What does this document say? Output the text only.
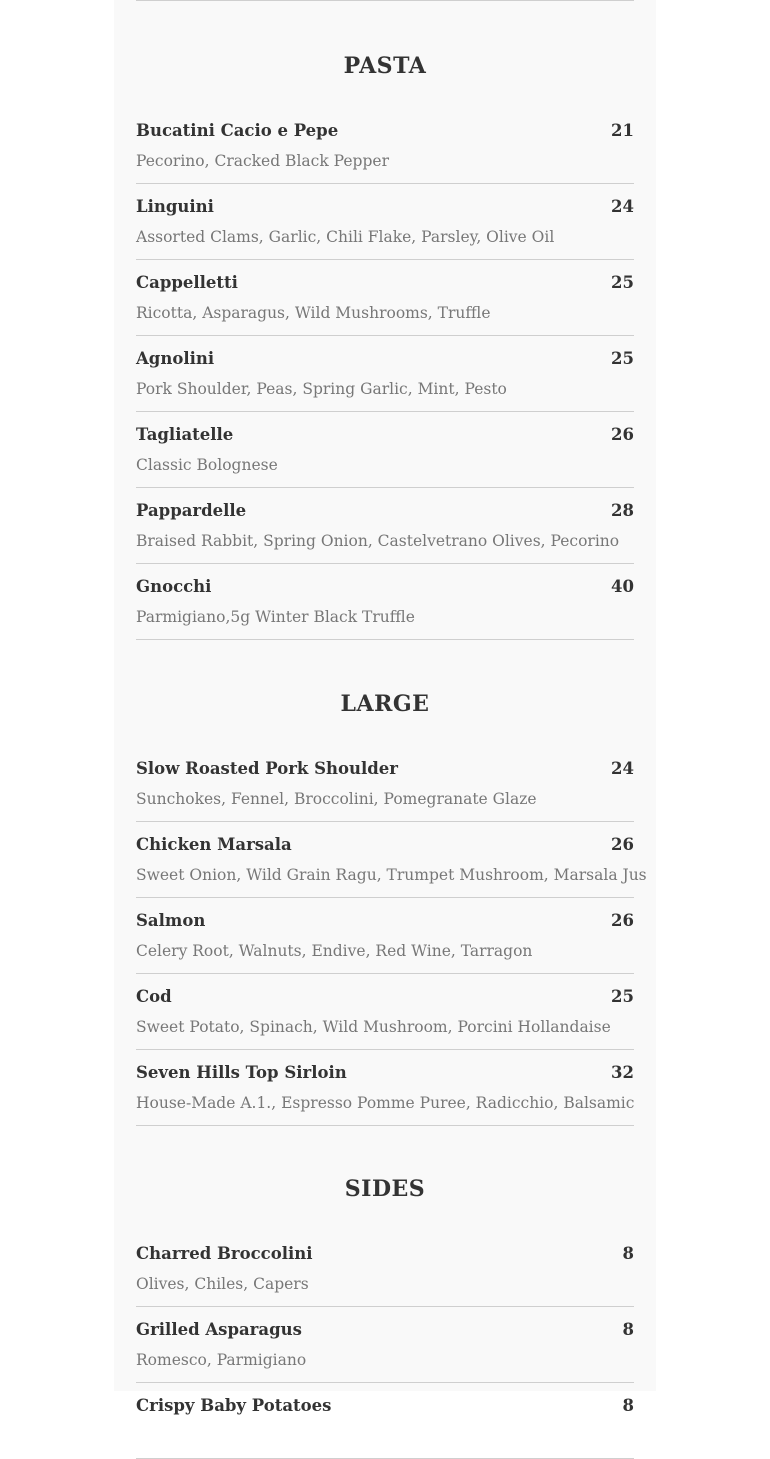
PASTA
Bucatini Cacio e Pepe	21
Pecorino, Cracked Black Pepper
Linguini	24
Assorted Clams, Garlic, Chili Flake, Parsley, Olive Oil
Cappelletti	25
Ricotta, Asparagus, Wild Mushrooms, Truffle
Agnolini	25
Pork Shoulder, Peas, Spring Garlic, Mint, Pesto
Tagliatelle	26
Classic Bolognese
Pappardelle	28
Braised Rabbit, Spring Onion, Castelvetrano Olives, Pecorino
Gnocchi	40
Parmigiano,5g Winter Black Truffle
LARGE
Slow Roasted Pork Shoulder	24
Sunchokes, Fennel, Broccolini, Pomegranate Glaze
Chicken Marsala	26
Sweet Onion, Wild Grain Ragu, Trumpet Mushroom, Marsala Jus
Salmon	26
Celery Root, Walnuts, Endive, Red Wine, Tarragon
Cod	25
Sweet Potato, Spinach, Wild Mushroom, Porcini Hollandaise
Seven Hills Top Sirloin	32
House-Made A.1., Espresso Pomme Puree, Radicchio, Balsamic
SIDES
Charred Broccolini	8
Olives, Chiles, Capers
Grilled Asparagus	8
Romesco, Parmigiano
Crispy Baby Potatoes	8
